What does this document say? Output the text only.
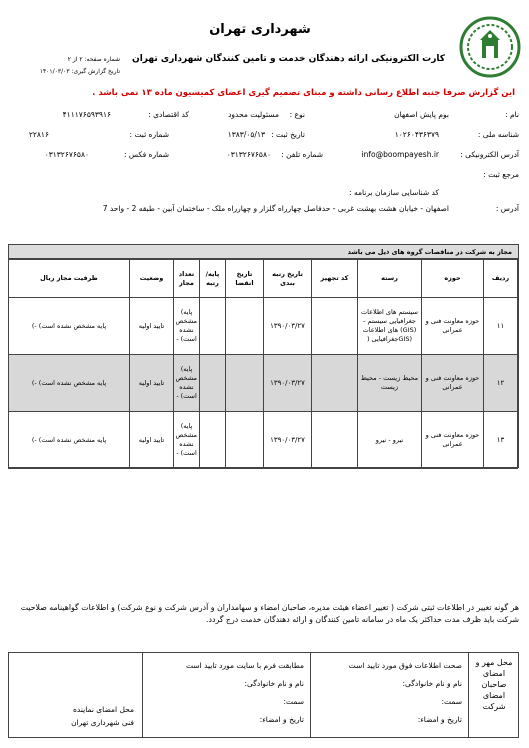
شهرداری تهران
کارت الکترونیکی ارائه دهندگان خدمت و تامین کنندگان شهرداری تهران
شماره صفحه: ۲ از ۲
تاریخ گزارش گیری: ۱۴۰۱/۰۳/۰۳
این گزارش صرفا جنبه اطلاع رسانی داشته و مبنای تصمیم گیری اعضای کمیسیون ماده ۱۳ نمی باشد .
نام :
بوم پایش اصفهان
نوع :
مسئولیت محدود
کد اقتصادی :
۴۱۱۱۷۶۵۹۳۹۱۶
شناسه ملی :
۱۰۲۶۰۴۳۶۳۷۹
تاریخ ثبت :
۱۳۸۳/۰۵/۱۳
شماره ثبت :
۲۲۸۱۶
آدرس الکترونیکی :
info@boompayesh.ir
شماره تلفن :
۰۳۱۳۲۶۷۶۵۸۰
شماره فکس :
۰۳۱۳۲۶۷۶۵۸۰
مرجع ثبت :
کد شناسایی سازمان برنامه :
آدرس :
اصفهان - خیابان هشت بهشت غربی - حدفاصل چهارراه گلزار و چهارراه ملک - ساختمان آبین - طبقه 2 - واحد 7
مجاز به شرکت در مناقصات گروه های ذیل می باشد
ردیف	حوزه	رسته	کد تجهیز	تاریخ رتبه بندی	تاریخ انقضا	پایه/ رتبه	تعداد مجاز	وضعیت	ظرفیت مجاز ریال
۱۱	حوزه معاونت فنی و عمرانی	سیستم های اطلاعات جغرافیایی سیستم - (GIS) های اطلاعات (GISجغرافیایی (		۱۳۹۰/۰۳/۲۷			پایه) مشخص نشده است) -	تایید اولیه	پایه مشخص نشده است) -)
۱۲	حوزه معاونت فنی و عمرانی	محیط زیست - محیط زیست		۱۳۹۰/۰۳/۲۷			پایه) مشخص نشده است) -	تایید اولیه	پایه مشخص نشده است) -)
۱۳	حوزه معاونت فنی و عمرانی	نیرو - نیرو		۱۳۹۰/۰۳/۲۷			پایه) مشخص نشده است) -	تایید اولیه	پایه مشخص نشده است) -)
هر گونه تغییر در اطلاعات ثبتی شرکت ( تغییر اعضاء هیئت مدیره، صاحبان امضاء و سهامداران و آدرس شرکت و نوع شرکت) و اطلاعات گواهینامه صلاحیت شرکت باید ظرف مدت حداکثر یک ماه در سامانه تامین کنندگان و ارائه دهندگان خدمت درج گردد.
محل مهر و امضای صاحبان امضای شرکت

صحت اطلاعات فوق مورد تایید است

نام و نام خانوادگی:

سمت:

تاریخ و امضاء:

مطابقت فرم با سایت مورد تایید است

نام و نام خانوادگی:

سمت:

تاریخ و امضاء:

محل امضای نماینده
فنی شهرداری تهران
